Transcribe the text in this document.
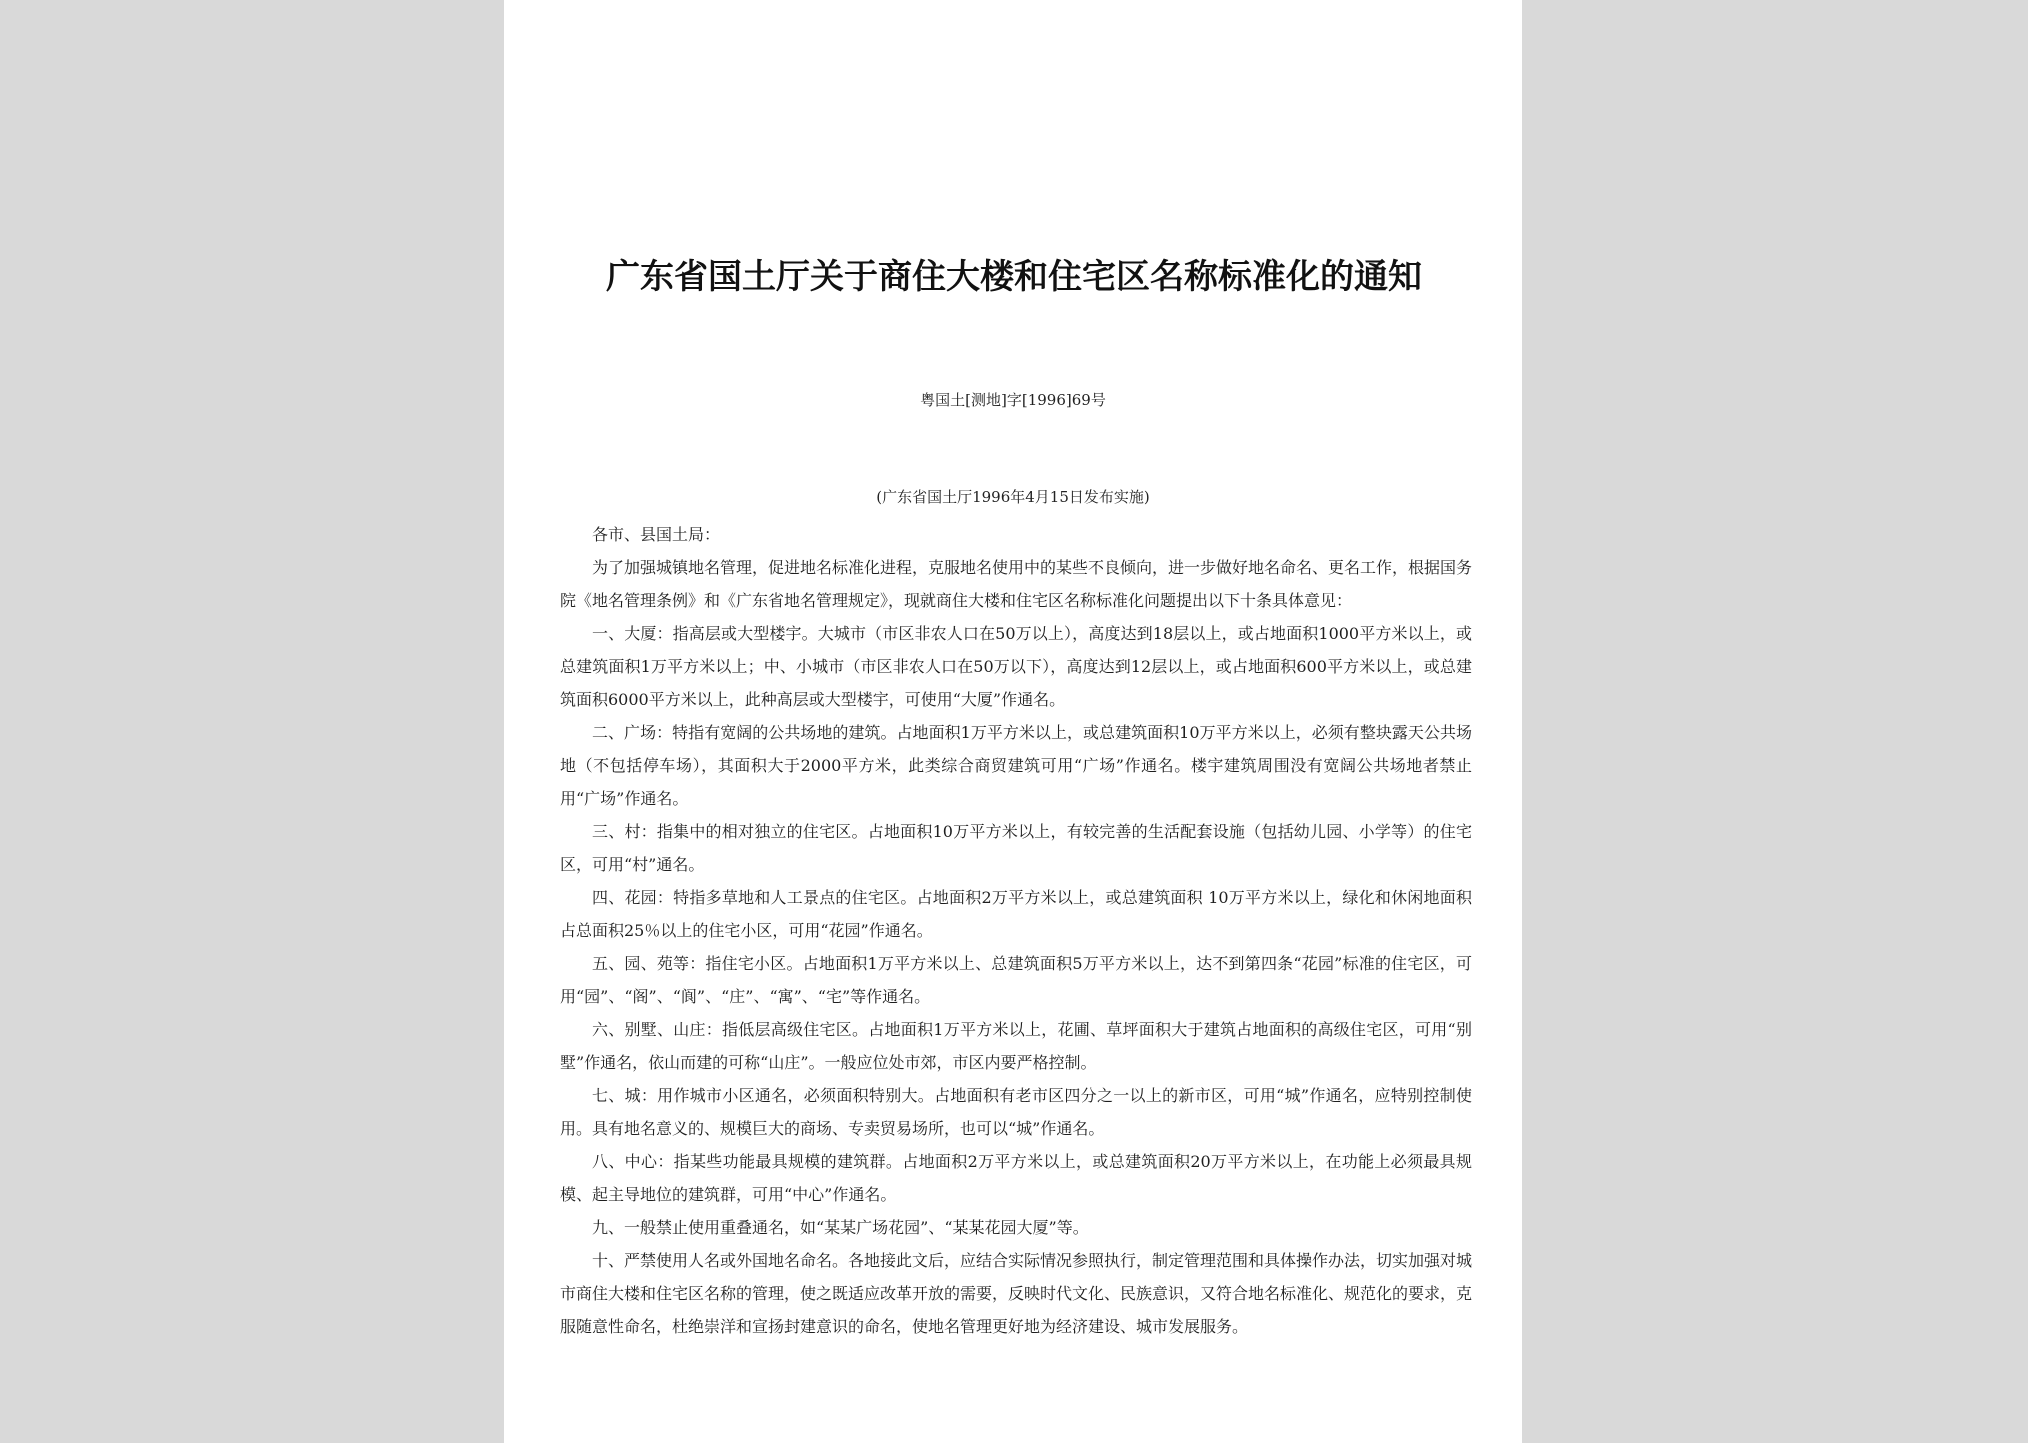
广东省国土厅关于商住大楼和住宅区名称标准化的通知
粤国土[测地]字[1996]69号
(广东省国土厅1996年4月15日发布实施)

各市、县国土局：

为了加强城镇地名管理，促进地名标准化进程，克服地名使用中的某些不良倾向，进一步做好地名命名、更名工作，根据国务院《地名管理条例》和《广东省地名管理规定》，现就商住大楼和住宅区名称标准化问题提出以下十条具体意见：

一、大厦：指高层或大型楼宇。大城市（市区非农人口在50万以上），高度达到18层以上，或占地面积1000平方米以上，或总建筑面积1万平方米以上；中、小城市（市区非农人口在50万以下），高度达到12层以上，或占地面积600平方米以上，或总建筑面积6000平方米以上，此种高层或大型楼宇，可使用“大厦”作通名。

二、广场：特指有宽阔的公共场地的建筑。占地面积1万平方米以上，或总建筑面积10万平方米以上，必须有整块露天公共场地（不包括停车场），其面积大于2000平方米，此类综合商贸建筑可用“广场”作通名。楼宇建筑周围没有宽阔公共场地者禁止用“广场”作通名。

三、村：指集中的相对独立的住宅区。占地面积10万平方米以上，有较完善的生活配套设施（包括幼儿园、小学等）的住宅区，可用“村”通名。

四、花园：特指多草地和人工景点的住宅区。占地面积2万平方米以上，或总建筑面积 10万平方米以上，绿化和休闲地面积占总面积25％以上的住宅小区，可用“花园”作通名。

五、园、苑等：指住宅小区。占地面积1万平方米以上、总建筑面积5万平方米以上，达不到第四条“花园”标准的住宅区，可用“园”、“阁”、“阆”、“庄”、“寓”、“宅”等作通名。

六、别墅、山庄：指低层高级住宅区。占地面积1万平方米以上，花圃、草坪面积大于建筑占地面积的高级住宅区，可用“别墅”作通名，依山而建的可称“山庄”。一般应位处市郊，市区内要严格控制。

七、城：用作城市小区通名，必须面积特别大。占地面积有老市区四分之一以上的新市区，可用“城”作通名，应特别控制使用。具有地名意义的、规模巨大的商场、专卖贸易场所，也可以“城”作通名。

八、中心：指某些功能最具规模的建筑群。占地面积2万平方米以上，或总建筑面积20万平方米以上，在功能上必须最具规模、起主导地位的建筑群，可用“中心”作通名。

九、一般禁止使用重叠通名，如“某某广场花园”、“某某花园大厦”等。

十、严禁使用人名或外国地名命名。各地接此文后，应结合实际情况参照执行，制定管理范围和具体操作办法，切实加强对城市商住大楼和住宅区名称的管理，使之既适应改革开放的需要，反映时代文化、民族意识，又符合地名标准化、规范化的要求，克服随意性命名，杜绝崇洋和宣扬封建意识的命名，使地名管理更好地为经济建设、城市发展服务。
